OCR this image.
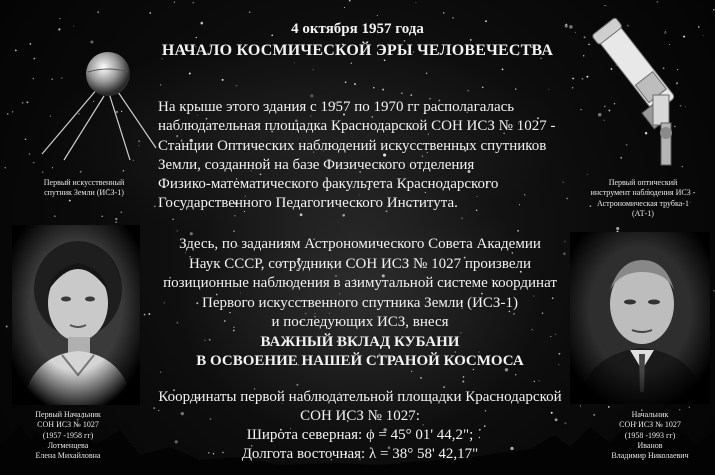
4 октября 1957 года
НАЧАЛО КОСМИЧЕСКОЙ ЭРЫ ЧЕЛОВЕЧЕСТВА
На крыше этого здания с 1957 по 1970 гг располагалась
наблюдательная площадка Краснодарской СОН ИСЗ № 1027 -
Станции Оптических наблюдений искусственных спутников
Земли, созданной на базе Физического отделения
Физико-математического факультета Краснодарского
Государственного Педагогического Института.
Здесь, по заданиям Астрономического Совета Академии
Наук СССР, сотрудники СОН ИСЗ № 1027 произвели
позиционные наблюдения в азимутальной системе координат
Первого искусственного спутника Земли (ИСЗ-1)
и последующих ИСЗ, внеся
ВАЖНЫЙ ВКЛАД КУБАНИ
В ОСВОЕНИЕ НАШЕЙ СТРАНОЙ КОСМОСА
Координаты первой наблюдательной площадки Краснодарской
СОН ИСЗ № 1027:
Широта северная: φ = 45° 01' 44,2";
Долгота восточная: λ = 38° 58' 42,17"
Первый искусственный
спутник Земли (ИСЗ-1)
Первый оптический
инструмент наблюдения ИСЗ -
Астрономическая трубка-1
(АТ-1)
Первый Начальник
СОН ИСЗ № 1027
(1957 -1958 гг)
Лотменцева
Елена Михайловна
Начальник
СОН ИСЗ № 1027
(1958 -1993 гг)
Иванов
Владимир Николаевич
